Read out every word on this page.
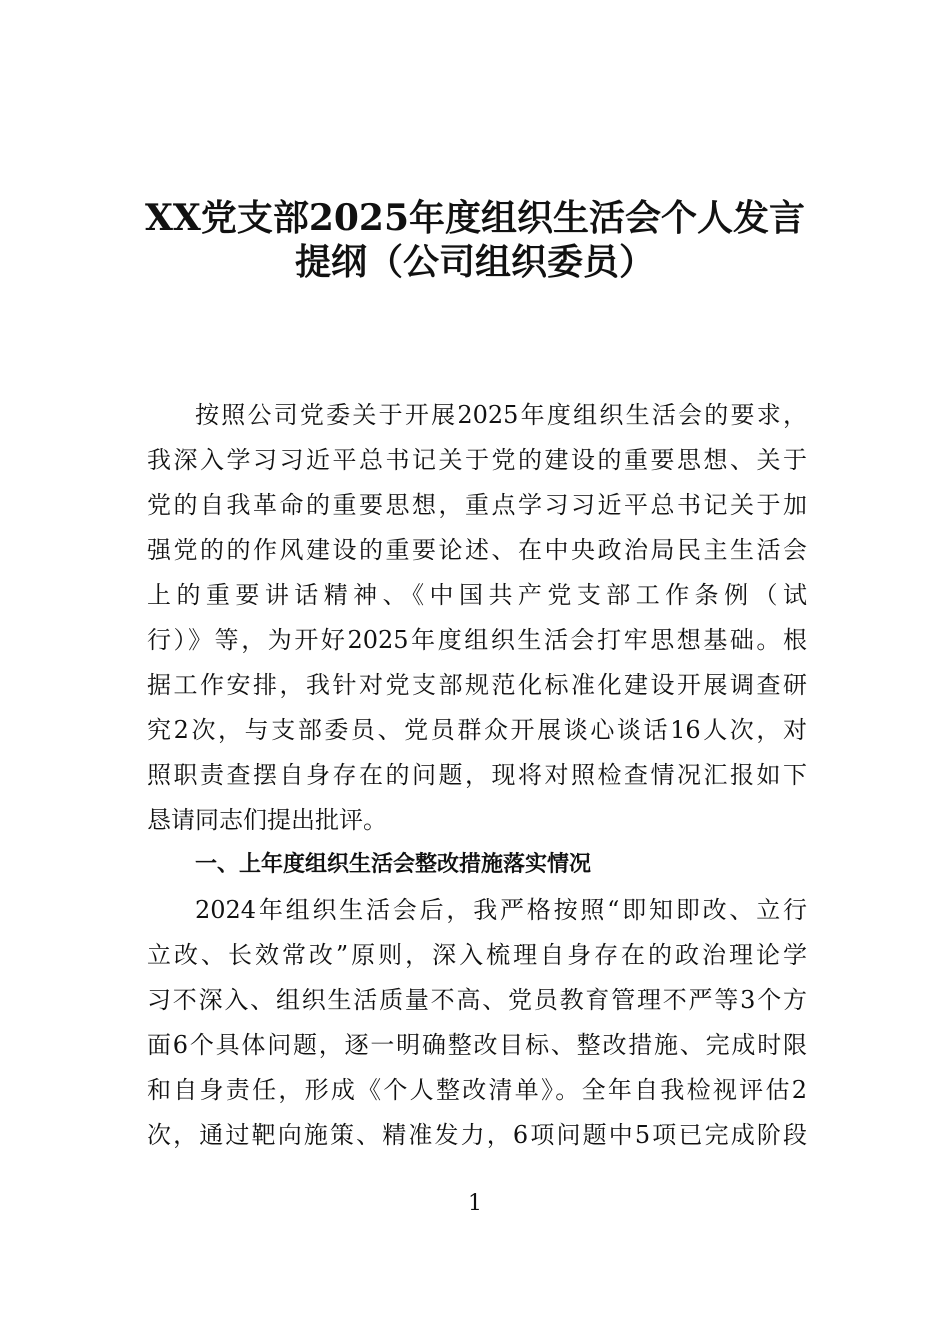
XX党支部2025年度组织生活会个人发言
提纲（公司组织委员）
按照公司党委关于开展2025年度组织生活会的要求，
我深入学习习近平总书记关于党的建设的重要思想、关于
党的自我革命的重要思想，重点学习习近平总书记关于加
强党的的作风建设的重要论述、在中央政治局民主生活会
上的重要讲话精神、《中国共产党支部工作条例（试
行）》等，为开好2025年度组织生活会打牢思想基础。根
据工作安排，我针对党支部规范化标准化建设开展调查研
究2次，与支部委员、党员群众开展谈心谈话16人次，对
照职责查摆自身存在的问题，现将对照检查情况汇报如下
恳请同志们提出批评。
一、上年度组织生活会整改措施落实情况
2024年组织生活会后，我严格按照“即知即改、立行
立改、长效常改”原则，深入梳理自身存在的政治理论学
习不深入、组织生活质量不高、党员教育管理不严等3个方
面6个具体问题，逐一明确整改目标、整改措施、完成时限
和自身责任，形成《个人整改清单》。全年自我检视评估2
次，通过靶向施策、精准发力，6项问题中5项已完成阶段
1
